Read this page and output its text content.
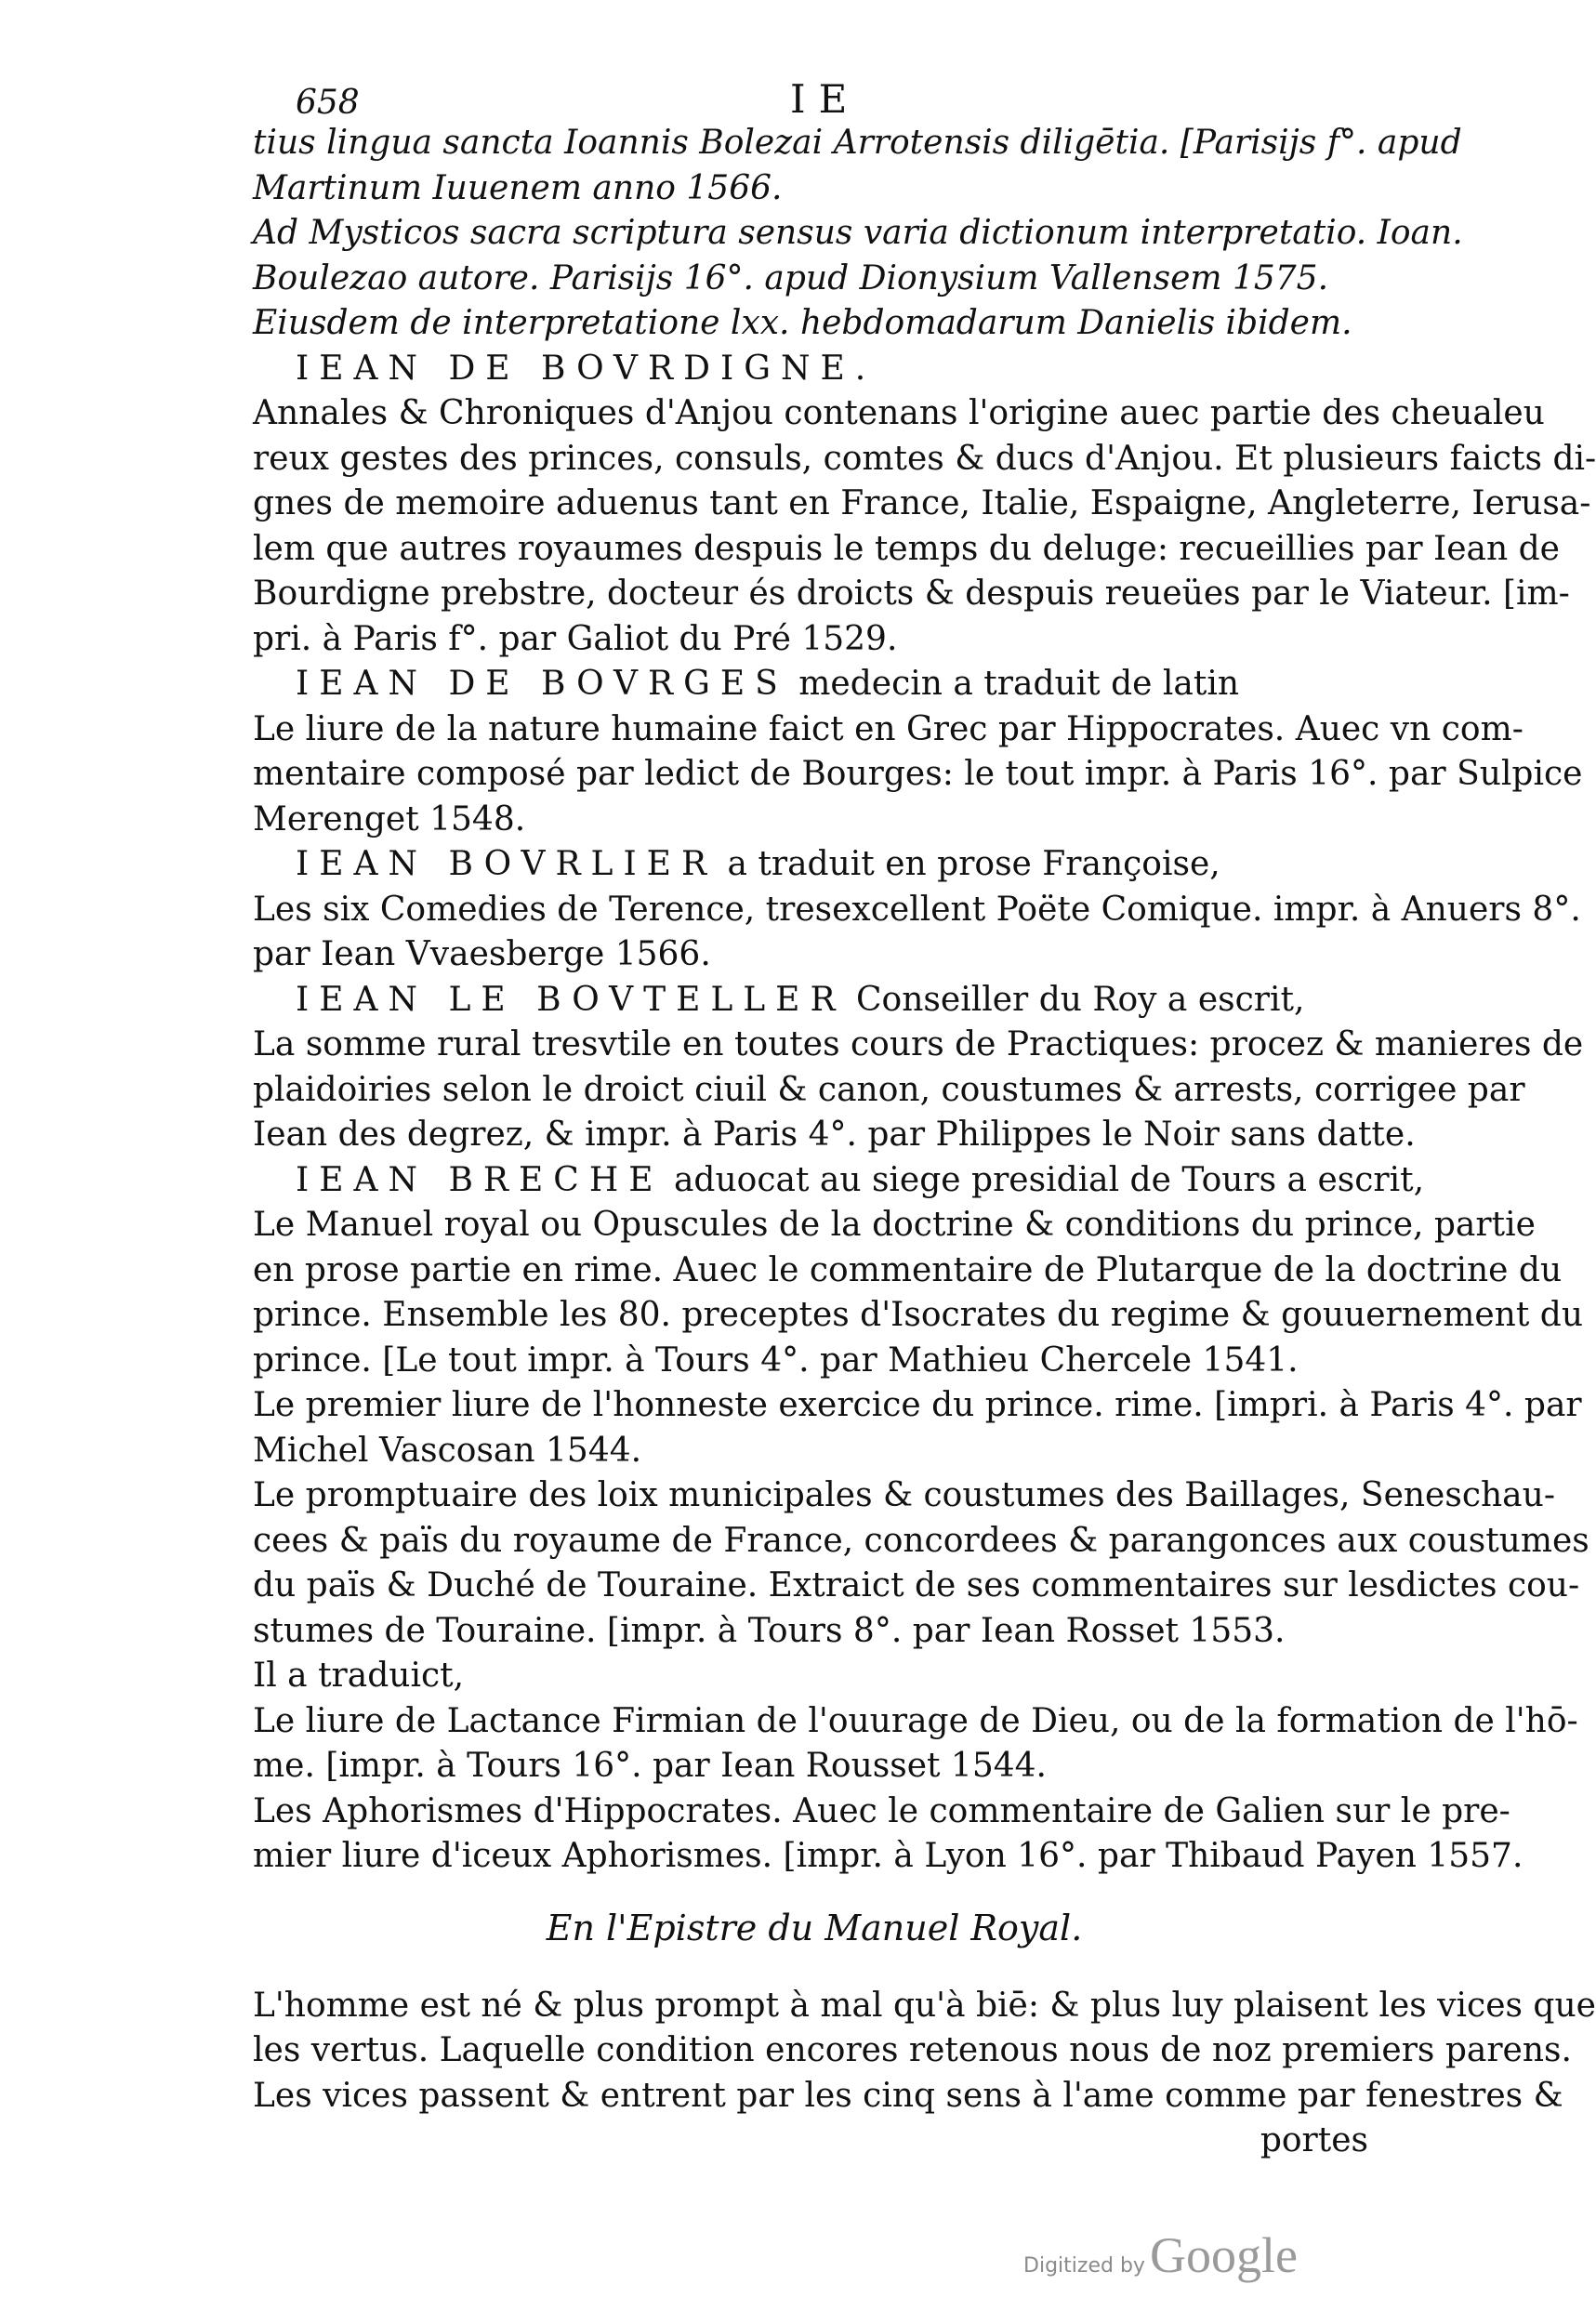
658	IE
tius lingua sancta Ioannis Bolezai Arrotensis diligētia. [Parisijs f°. apud
Martinum Iuuenem anno 1566.
Ad Mysticos sacra scriptura sensus varia dictionum interpretatio. Ioan.
Boulezao autore. Parisijs 16°. apud Dionysium Vallensem 1575.
Eiusdem de interpretatione lxx. hebdomadarum Danielis ibidem.
IEAN DE BOVRDIGNE.
Annales & Chroniques d'Anjou contenans l'origine auec partie des cheualeu
reux gestes des princes, consuls, comtes & ducs d'Anjou. Et plusieurs faicts di-
gnes de memoire aduenus tant en France, Italie, Espaigne, Angleterre, Ierusa-
lem que autres royaumes despuis le temps du deluge: recueillies par Iean de
Bourdigne prebstre, docteur és droicts & despuis reueües par le Viateur. [im-
pri. à Paris f°. par Galiot du Pré 1529.
IEAN DE BOVRGES medecin a traduit de latin
Le liure de la nature humaine faict en Grec par Hippocrates. Auec vn com-
mentaire composé par ledict de Bourges: le tout impr. à Paris 16°. par Sulpice
Merenget 1548.
IEAN BOVRLIER a traduit en prose Françoise,
Les six Comedies de Terence, tresexcellent Poëte Comique. impr. à Anuers 8°.
par Iean Vvaesberge 1566.
IEAN LE BOVTELLER Conseiller du Roy a escrit,
La somme rural tresvtile en toutes cours de Practiques: procez & manieres de
plaidoiries selon le droict ciuil & canon, coustumes & arrests, corrigee par
Iean des degrez, & impr. à Paris 4°. par Philippes le Noir sans datte.
IEAN BRECHE aduocat au siege presidial de Tours a escrit,
Le Manuel royal ou Opuscules de la doctrine & conditions du prince, partie
en prose partie en rime. Auec le commentaire de Plutarque de la doctrine du
prince. Ensemble les 80. preceptes d'Isocrates du regime & gouuernement du
prince. [Le tout impr. à Tours 4°. par Mathieu Chercele 1541.
Le premier liure de l'honneste exercice du prince. rime. [impri. à Paris 4°. par
Michel Vascosan 1544.
Le promptuaire des loix municipales & coustumes des Baillages, Seneschau-
cees & païs du royaume de France, concordees & parangonces aux coustumes
du païs & Duché de Touraine. Extraict de ses commentaires sur lesdictes cou-
stumes de Touraine. [impr. à Tours 8°. par Iean Rosset 1553.
Il a traduict,
Le liure de Lactance Firmian de l'ouurage de Dieu, ou de la formation de l'hō-
me. [impr. à Tours 16°. par Iean Rousset 1544.
Les Aphorismes d'Hippocrates. Auec le commentaire de Galien sur le pre-
mier liure d'iceux Aphorismes. [impr. à Lyon 16°. par Thibaud Payen 1557.
En l'Epistre du Manuel Royal.
L'homme est né & plus prompt à mal qu'à biē: & plus luy plaisent les vices que
les vertus. Laquelle condition encores retenous nous de noz premiers parens.
Les vices passent & entrent par les cinq sens à l'ame comme par fenestres &
portes
Digitized by Google
